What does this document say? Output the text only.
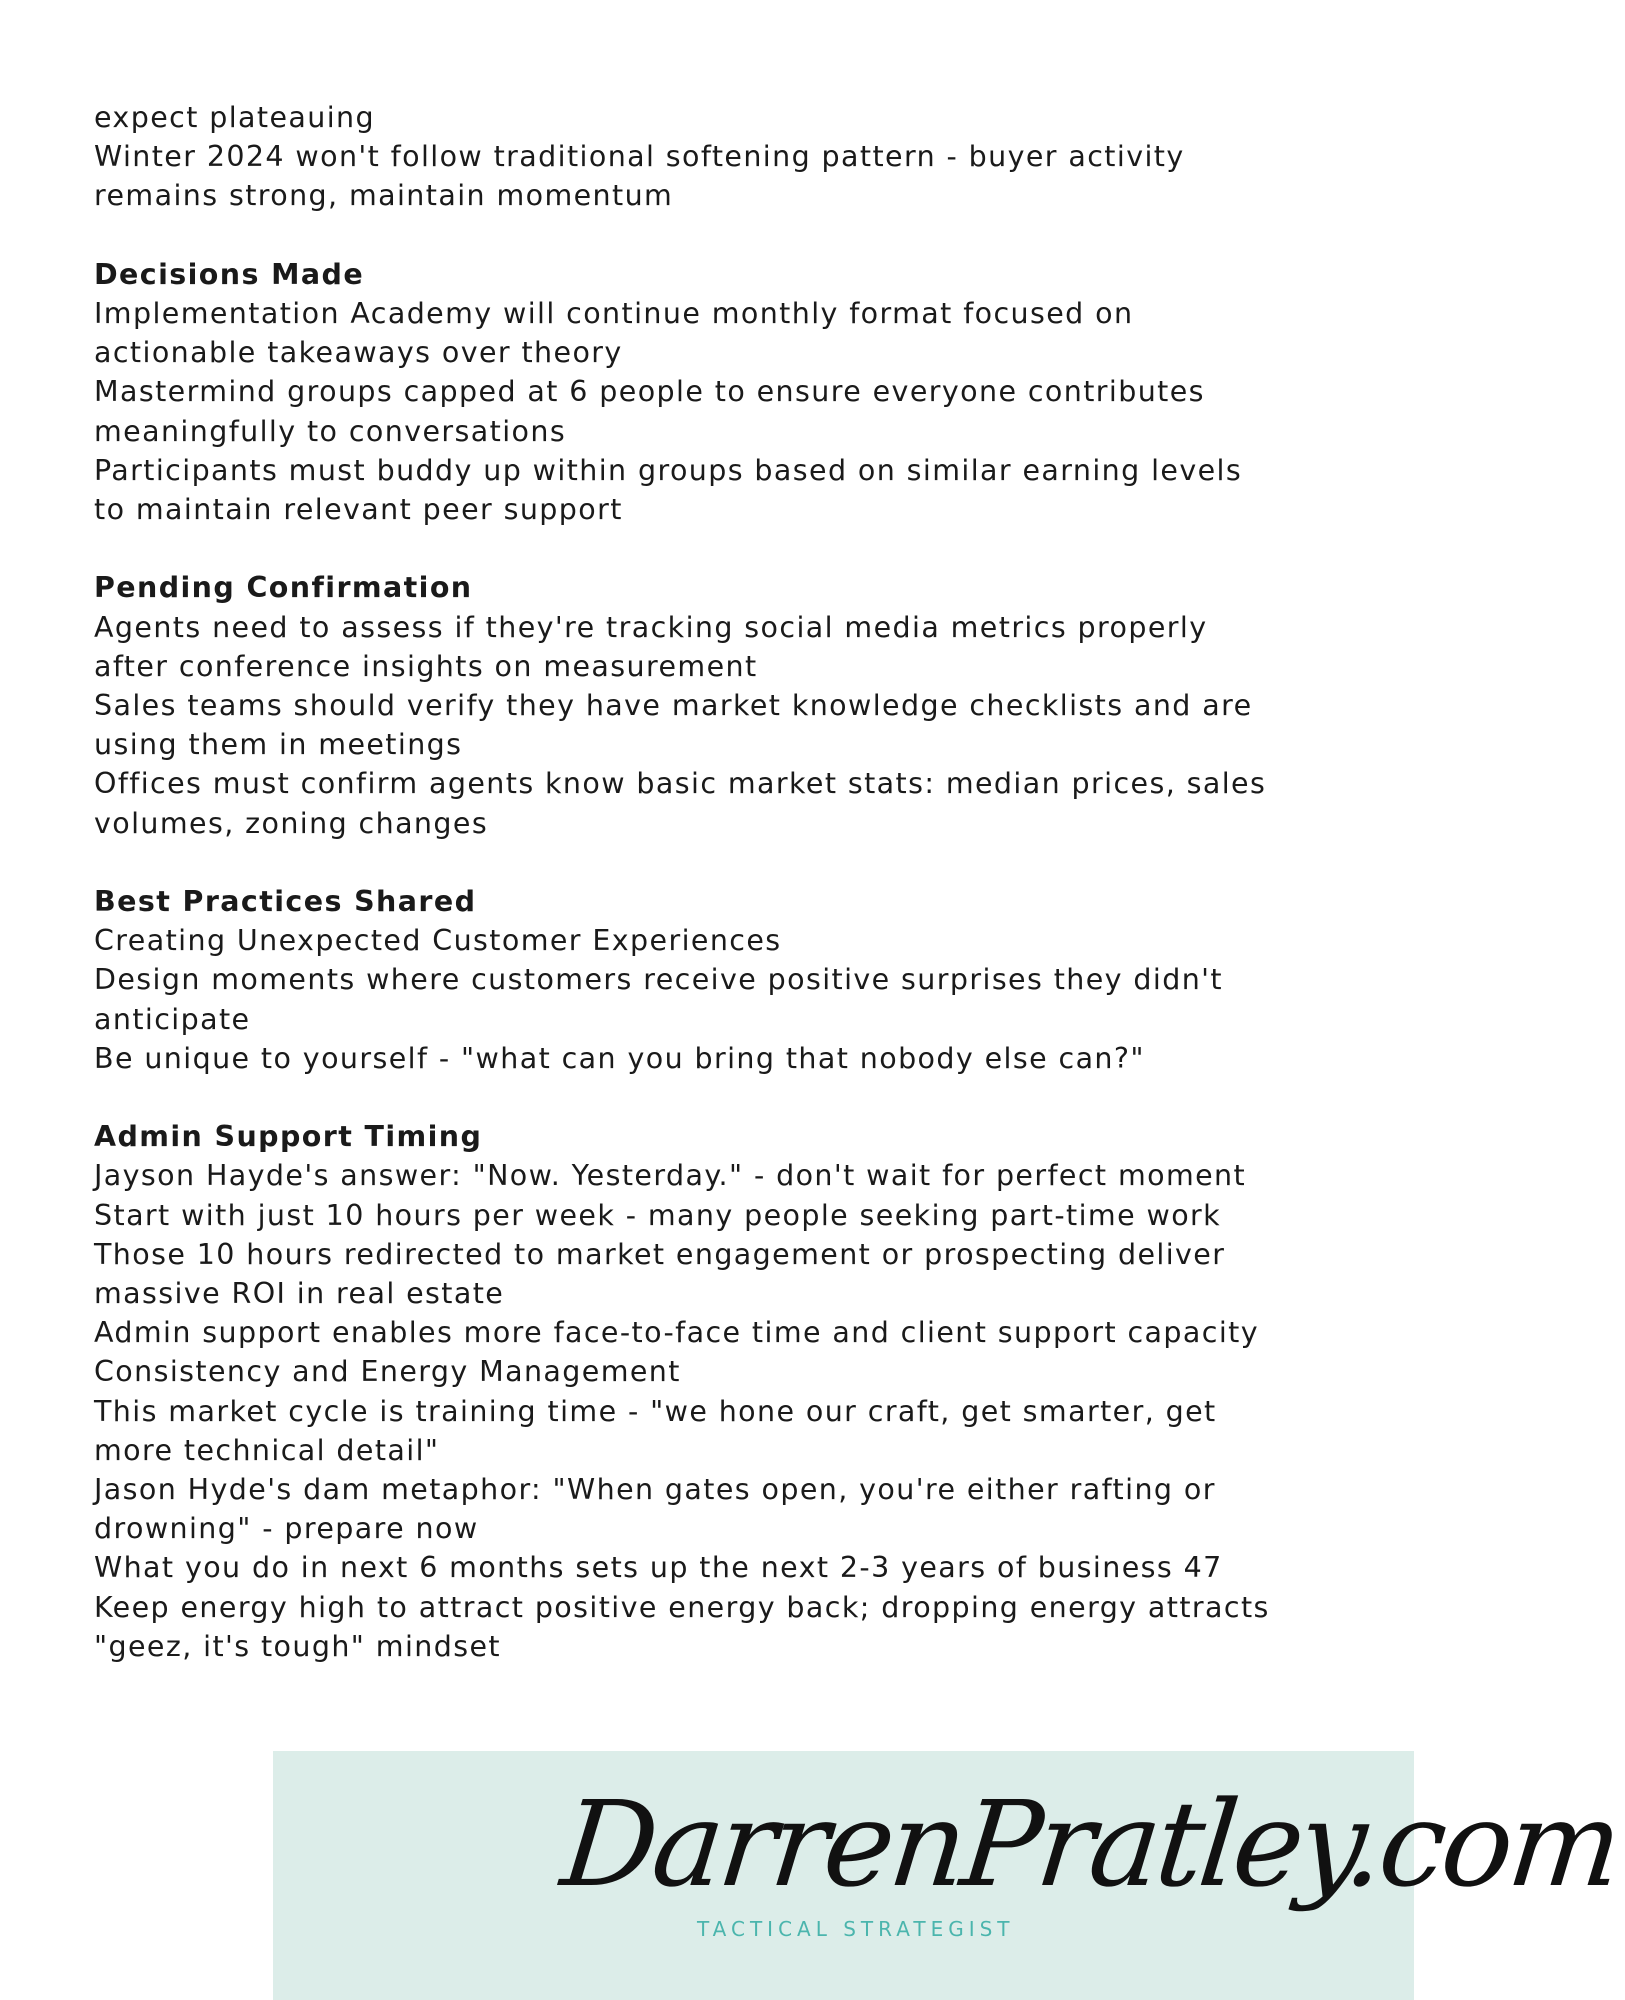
expect plateauing
Winter 2024 won't follow traditional softening pattern - buyer activity
remains strong, maintain momentum
Decisions Made
Implementation Academy will continue monthly format focused on
actionable takeaways over theory
Mastermind groups capped at 6 people to ensure everyone contributes
meaningfully to conversations
Participants must buddy up within groups based on similar earning levels
to maintain relevant peer support
Pending Confirmation
Agents need to assess if they're tracking social media metrics properly
after conference insights on measurement
Sales teams should verify they have market knowledge checklists and are
using them in meetings
Offices must confirm agents know basic market stats: median prices, sales
volumes, zoning changes
Best Practices Shared
Creating Unexpected Customer Experiences
Design moments where customers receive positive surprises they didn't
anticipate
Be unique to yourself - "what can you bring that nobody else can?"
Admin Support Timing
Jayson Hayde's answer: "Now. Yesterday." - don't wait for perfect moment
Start with just 10 hours per week - many people seeking part-time work
Those 10 hours redirected to market engagement or prospecting deliver
massive ROI in real estate
Admin support enables more face-to-face time and client support capacity
Consistency and Energy Management
This market cycle is training time - "we hone our craft, get smarter, get
more technical detail"
Jason Hyde's dam metaphor: "When gates open, you're either rafting or
drowning" - prepare now
What you do in next 6 months sets up the next 2-3 years of business 47
Keep energy high to attract positive energy back; dropping energy attracts
"geez, it's tough" mindset
DarrenPratley.com
TACTICAL STRATEGIST
